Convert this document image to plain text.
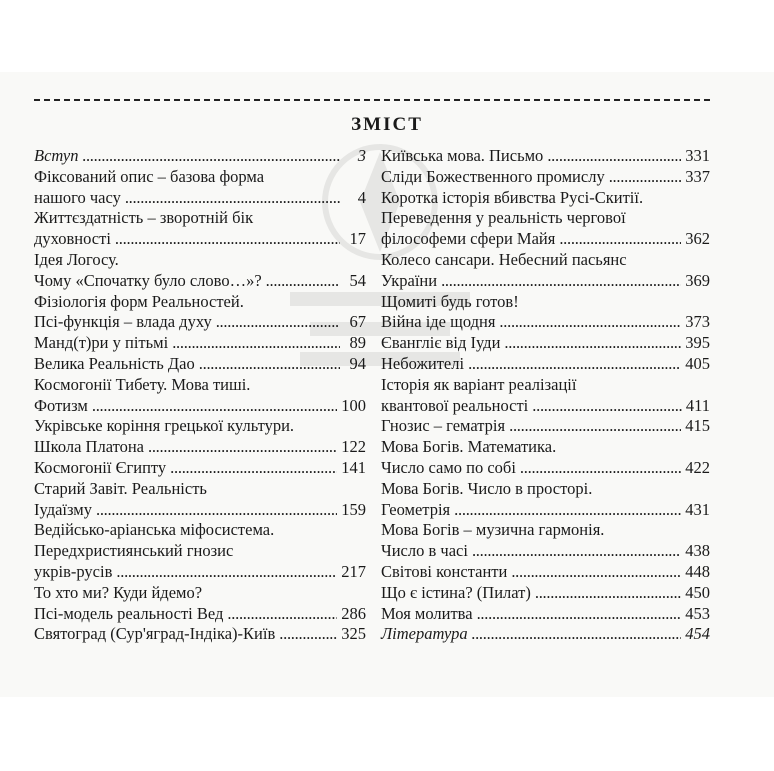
ЗМІСТ
Вступ . . .	3
Фіксований опис – базова форма
нашого часу . . .	4
Життєздатність – зворотній бік
духовності . . .	17
Ідея Логосу.
Чому «Спочатку було слово…»? . . .	54
Фізіологія форм Реальностей.
Псі-функція – влада духу . . .	67
Манд(т)ри у пітьмі . . .	89
Велика Реальність Дао . . .	94
Космогонії Тибету. Мова тиші.
Фотизм . . .	100
Укрівське коріння грецької культури.
Школа Платона . . .	122
Космогонії Єгипту . . .	141
Старий Завіт. Реальність
Іудаїзму . . .	159
Ведійсько-аріанська міфосистема.
Передхристиянський гнозис
укрів-русів . . .	217
То хто ми? Куди йдемо?
Псі-модель реальності Вед . . .	286
Святоград (Сур'яград-Індіка)-Київ . . .	325
Київська мова. Письмо . . .	331
Сліди Божественного промислу . . .	337
Коротка історія вбивства Русі-Скитії.
Переведення у реальність чергової
філософеми сфери Майя . . .	362
Колесо сансари. Небесний пасьянс
України . . .	369
Щомиті будь готов!
Війна іде щодня . . .	373
Євангліє від Іуди . . .	395
Небожителі . . .	405
Історія як варіант реалізації
квантової реальності . . .	411
Гнозис – гематрія . . .	415
Мова Богів. Математика.
Число само по собі . . .	422
Мова Богів. Число в просторі.
Геометрія . . .	431
Мова Богів – музична гармонія.
Число в часі . . .	438
Світові константи . . .	448
Що є істина? (Пилат) . . .	450
Моя молитва . . .	453
Література . . .	454
